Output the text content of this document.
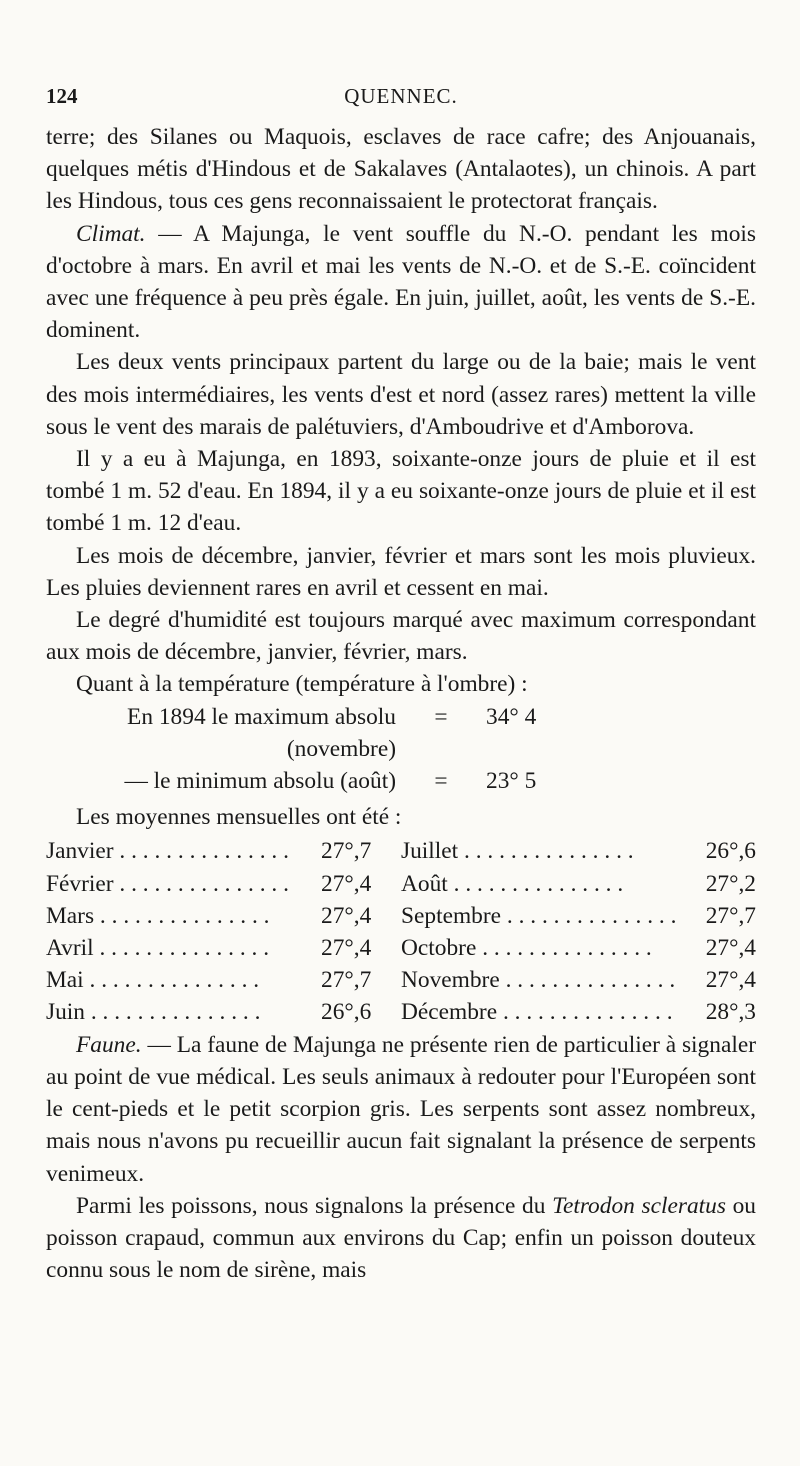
124	QUENNEC.

terre; des Silanes ou Maquois, esclaves de race cafre; des Anjouanais, quelques métis d'Hindous et de Sakalaves (Antalaotes), un chinois. A part les Hindous, tous ces gens reconnaissaient le protectorat français.

Climat. — A Majunga, le vent souffle du N.-O. pendant les mois d'octobre à mars. En avril et mai les vents de N.-O. et de S.-E. coïncident avec une fréquence à peu près égale. En juin, juillet, août, les vents de S.-E. dominent.

Les deux vents principaux partent du large ou de la baie; mais le vent des mois intermédiaires, les vents d'est et nord (assez rares) mettent la ville sous le vent des marais de palétuviers, d'Amboudrive et d'Amborova.

Il y a eu à Majunga, en 1893, soixante-onze jours de pluie et il est tombé 1 m. 52 d'eau. En 1894, il y a eu soixante-onze jours de pluie et il est tombé 1 m. 12 d'eau.

Les mois de décembre, janvier, février et mars sont les mois pluvieux. Les pluies deviennent rares en avril et cessent en mai.

Le degré d'humidité est toujours marqué avec maximum correspondant aux mois de décembre, janvier, février, mars.

Quant à la température (température à l'ombre) :

En 1894 le maximum absolu (novembre)
=	34° 4
— le minimum absolu (août)	=	23° 5

Les moyennes mensuelles ont été :

Janvier . . .	27°,7	Juillet . . .	26°,6
Février . . .	27°,4	Août . . .	27°,2
Mars . . .	27°,4	Septembre . . .	27°,7
Avril . . .	27°,4	Octobre . . .	27°,4
Mai . . .	27°,7	Novembre . . .	27°,4
Juin . . .	26°,6	Décembre . . .	28°,3

Faune. — La faune de Majunga ne présente rien de particulier à signaler au point de vue médical. Les seuls animaux à redouter pour l'Européen sont le cent-pieds et le petit scorpion gris. Les serpents sont assez nombreux, mais nous n'avons pu recueillir aucun fait signalant la présence de serpents venimeux.

Parmi les poissons, nous signalons la présence du Tetrodon scleratus ou poisson crapaud, commun aux environs du Cap; enfin un poisson douteux connu sous le nom de sirène, mais
